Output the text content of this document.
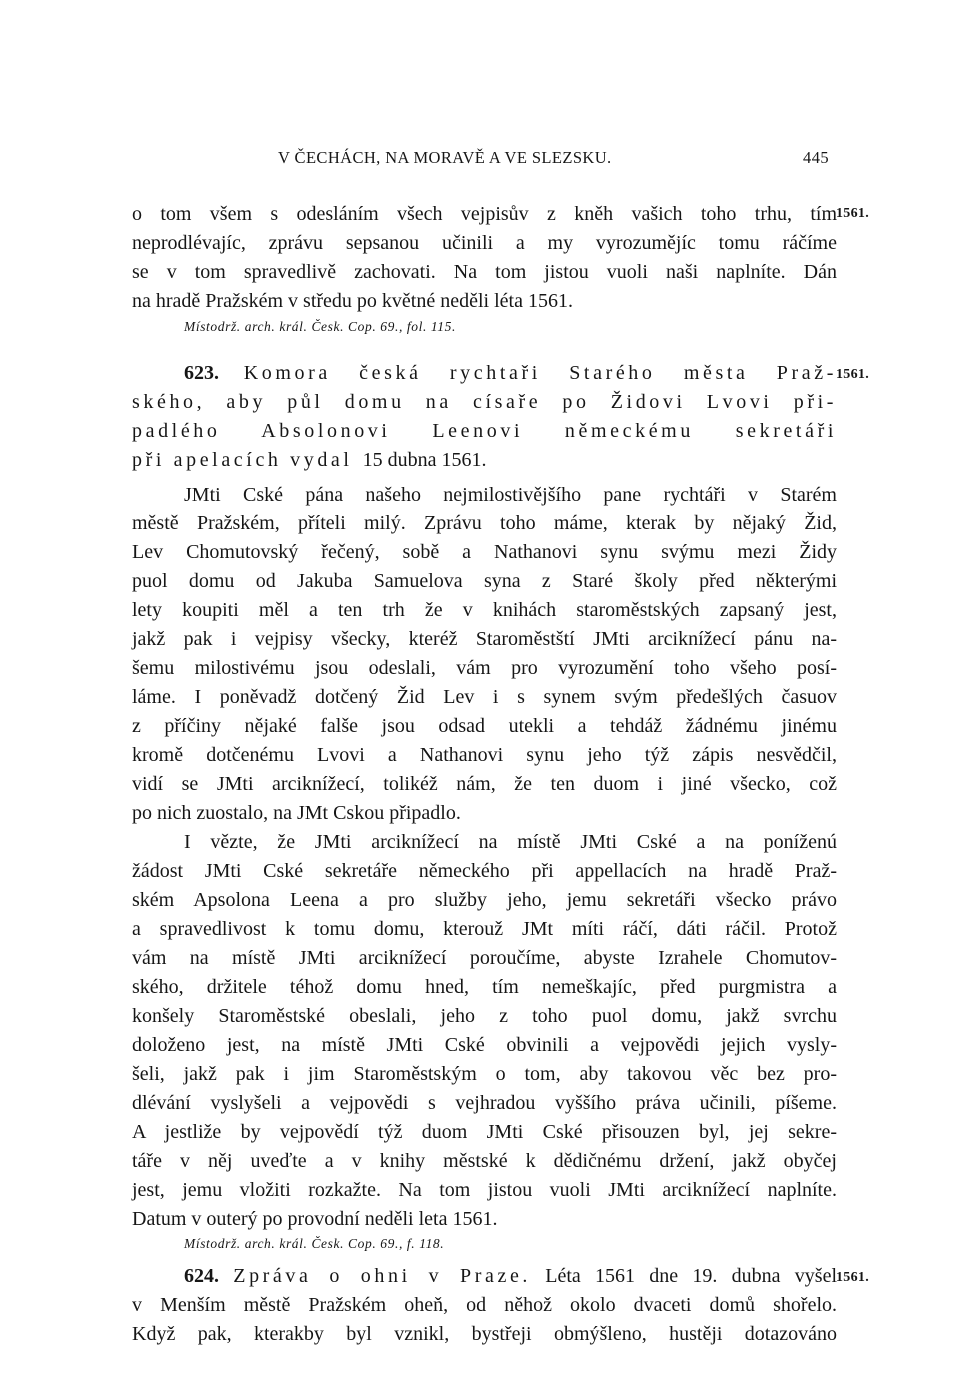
V ČECHÁCH, NA MORAVĚ A VE SLEZSKU.	445
1561.
1561.
1561.
o tom všem s odesláním všech vejpisův z kněh vašich toho trhu, tím
neprodlévajíc, zprávu sepsanou učinili a my vyrozumějíc tomu ráčíme
se v tom spravedlivě zachovati. Na tom jistou vuoli naši naplníte. Dán
na hradě Pražském v středu po květné neděli léta 1561.
Místodrž. arch. král. Česk. Cop. 69., fol. 115.
623. Komora česká rychtaři Starého města Praž-
ského, aby půl domu na císaře po Židovi Lvovi při-
padlého Absolonovi Leenovi německému sekretáři
při apelacích vydal 15 dubna 1561.
JMti Cské pána našeho nejmilostivějšího pane rychtáři v Starém
městě Pražském, příteli milý. Zprávu toho máme, kterak by nějaký Žid,
Lev Chomutovský řečený, sobě a Nathanovi synu svýmu mezi Židy
puol domu od Jakuba Samuelova syna z Staré školy před některými
lety koupiti měl a ten trh že v knihách staroměstských zapsaný jest,
jakž pak i vejpisy všecky, kteréž Staroměstští JMti arciknížecí pánu na-
šemu milostivému jsou odeslali, vám pro vyrozumění toho všeho posí-
láme. I poněvadž dotčený Žid Lev i s synem svým předešlých časuov
z příčiny nějaké falše jsou odsad utekli a tehdáž žádnému jinému
kromě dotčenému Lvovi a Nathanovi synu jeho týž zápis nesvědčil,
vidí se JMti arciknížecí, tolikéž nám, že ten duom i jiné všecko, což
po nich zuostalo, na JMt Cskou připadlo.
I vězte, že JMti arciknížecí na místě JMti Cské a na poníženú
žádost JMti Cské sekretáře německého při appellacích na hradě Praž-
ském Apsolona Leena a pro služby jeho, jemu sekretáři všecko právo
a spravedlivost k tomu domu, kterouž JMt míti ráčí, dáti ráčil. Protož
vám na místě JMti arciknížecí poroučíme, abyste Izrahele Chomutov-
ského, držitele téhož domu hned, tím nemeškajíc, před purgmistra a
konšely Staroměstské obeslali, jeho z toho puol domu, jakž svrchu
doloženo jest, na místě JMti Cské obvinili a vejpovědi jejich vysly-
šeli, jakž pak i jim Staroměstským o tom, aby takovou věc bez pro-
dlévání vyslyšeli a vejpovědi s vejhradou vyššího práva učinili, píšeme.
A jestliže by vejpovědí týž duom JMti Cské přisouzen byl, jej sekre-
táře v něj uveďte a v knihy městské k dědičnému držení, jakž obyčej
jest, jemu vložiti rozkažte. Na tom jistou vuoli JMti arciknížecí naplníte.
Datum v outerý po provodní neděli leta 1561.
Místodrž. arch. král. Česk. Cop. 69., f. 118.
624. Zpráva o ohni v Praze. Léta 1561 dne 19. dubna vyšel
v Menším městě Pražském oheň, od něhož okolo dvaceti domů shořelo.
Když pak, kterakby byl vznikl, bystřeji obmýšleno, hustěji dotazováno
